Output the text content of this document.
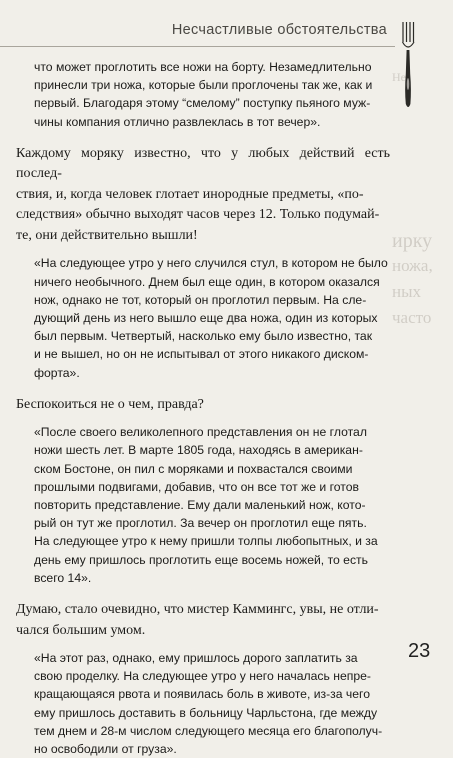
Несчастливые обстоятельства
Не
ирку
ножа,
ных
часто
что может проглотить все ножи на борту. Незамедлительно
принесли три ножа, которые были проглочены так же, как и
первый. Благодаря этому “смелому” поступку пьяного муж-
чины компания отлично развлеклась в тот вечер».
Каждому моряку известно, что у любых действий есть послед-
ствия, и, когда человек глотает инородные предметы, «по-
следствия» обычно выходят часов через 12. Только подумай-
те, они действительно вышли!
«На следующее утро у него случился стул, в котором не было
ничего необычного. Днем был еще один, в котором оказался
нож, однако не тот, который он проглотил первым. На сле-
дующий день из него вышло еще два ножа, один из которых
был первым. Четвертый, насколько ему было известно, так
и не вышел, но он не испытывал от этого никакого диском-
форта».
Беспокоиться не о чем, правда?
«После своего великолепного представления он не глотал
ножи шесть лет. В марте 1805 года, находясь в американ-
ском Бостоне, он пил с моряками и похвастался своими
прошлыми подвигами, добавив, что он все тот же и готов
повторить представление. Ему дали маленький нож, кото-
рый он тут же проглотил. За вечер он проглотил еще пять.
На следующее утро к нему пришли толпы любопытных, и за
день ему пришлось проглотить еще восемь ножей, то есть
всего 14».
Думаю, стало очевидно, что мистер Каммингс, увы, не отли-
чался большим умом.
«На этот раз, однако, ему пришлось дорого заплатить за
свою проделку. На следующее утро у него началась непре-
кращающаяся рвота и появилась боль в животе, из-за чего
ему пришлось доставить в больницу Чарльстона, где между
тем днем и 28-м числом следующего месяца его благополуч-
но освободили от груза».
23
